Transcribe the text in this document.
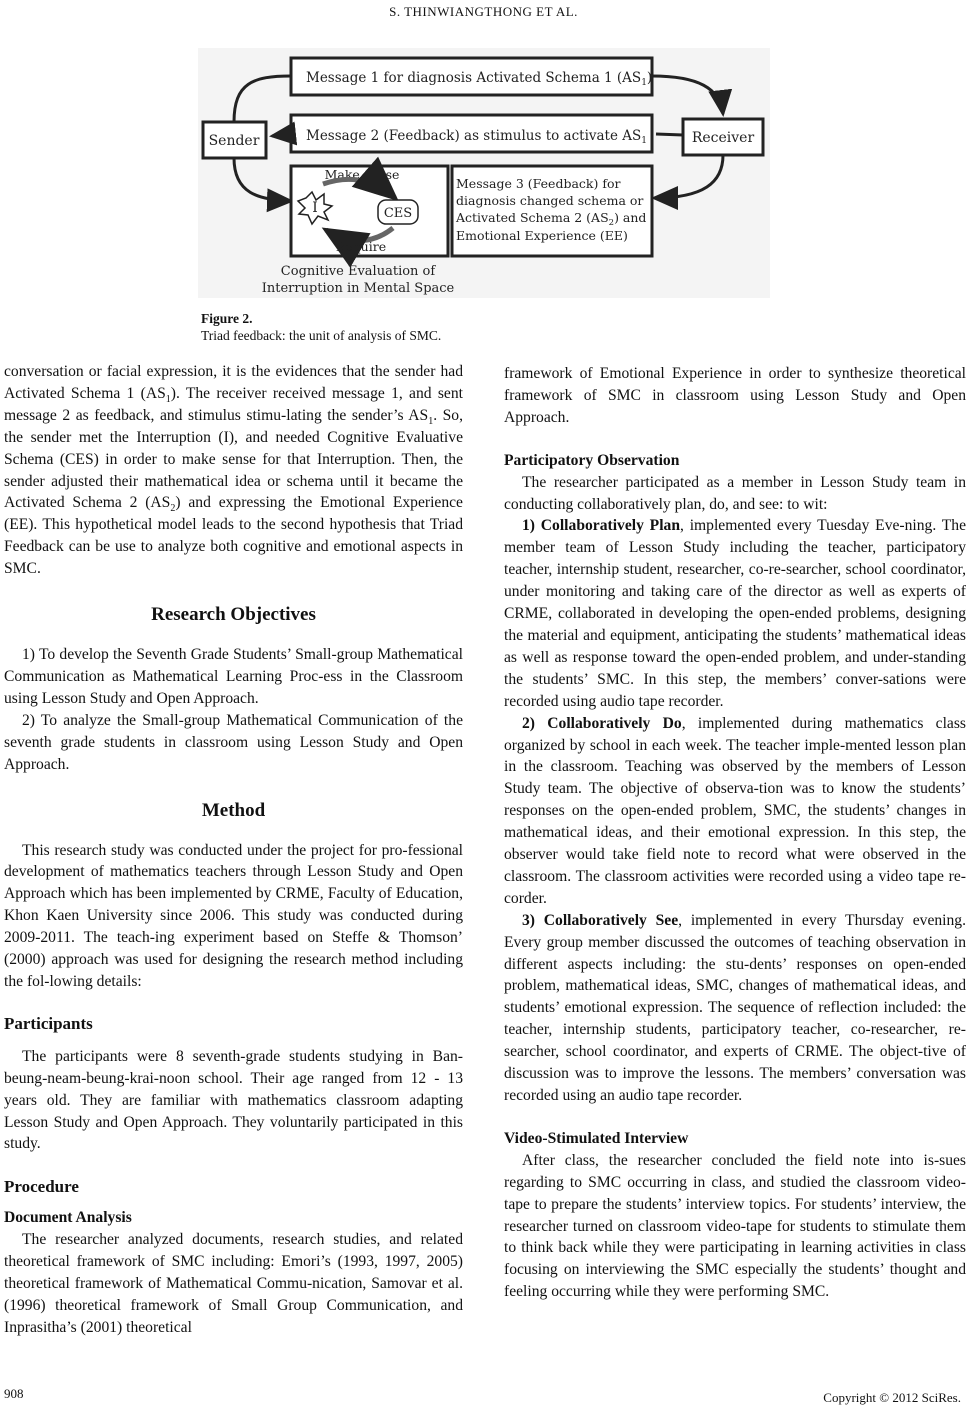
S. THINWIANGTHONG ET AL.
Message 1 for diagnosis Activated Schema 1 $(AS_1)$
Message 2 (Feedback) as stimulus to activate $AS_1$
Sender	Receiver
Make sense
I	CES
Require
Message 3 (Feedback) for
diagnosis changed schema or
Activated Schema 2 $(AS_2)$ and
Emotional Experience (EE)
Cognitive Evaluation of
Interruption in Mental Space
Figure 2.
Triad feedback: the unit of analysis of SMC.

conversation or facial expression, it is the evidences that the sender had Activated Schema 1 $(AS_1)$. The receiver received message 1, and sent message 2 as feedback, and stimulus stimu-lating the sender’s $AS_1$. So, the sender met the Interruption (I), and needed Cognitive Evaluative Schema (CES) in order to make sense for that Interruption. Then, the sender adjusted their mathematical idea or schema until it became the Activated Schema 2 $(AS_2)$ and expressing the Emotional Experience (EE). This hypothetical model leads to the second hypothesis that Triad Feedback can be use to analyze both cognitive and emotional aspects in SMC.

Research Objectives

1) To develop the Seventh Grade Students’ Small-group Mathematical Communication as Mathematical Learning Proc-ess in the Classroom using Lesson Study and Open Approach.

2) To analyze the Small-group Mathematical Communication of the seventh grade students in classroom using Lesson Study and Open Approach.

Method

This research study was conducted under the project for pro-fessional development of mathematics teachers through Lesson Study and Open Approach which has been implemented by CRME, Faculty of Education, Khon Kaen University since 2006. This study was conducted during 2009-2011. The teach-ing experiment based on Steffe & Thomson’ (2000) approach was used for designing the research method including the fol-lowing details:

Participants

The participants were 8 seventh-grade students studying in Ban-beung-neam-beung-krai-noon school. Their age ranged from 12 - 13 years old. They are familiar with mathematics classroom adapting Lesson Study and Open Approach. They voluntarily participated in this study.

Procedure
Document Analysis

The researcher analyzed documents, research studies, and related theoretical framework of SMC including: Emori’s (1993, 1997, 2005) theoretical framework of Mathematical Commu-nication, Samovar et al. (1996) theoretical framework of Small Group Communication, and Inprasitha’s (2001) theoretical

framework of Emotional Experience in order to synthesize theoretical framework of SMC in classroom using Lesson Study and Open Approach.

Participatory Observation

The researcher participated as a member in Lesson Study team in conducting collaboratively plan, do, and see: to wit:

1) Collaboratively Plan, implemented every Tuesday Eve-ning. The member team of Lesson Study including the teacher, participatory teacher, internship student, researcher, co-re-searcher, school coordinator, under monitoring and taking care of the director as well as experts of CRME, collaborated in developing the open-ended problems, designing the material and equipment, anticipating the students’ mathematical ideas as well as response toward the open-ended problem, and under-standing the students’ SMC. In this step, the members’ conver-sations were recorded using audio tape recorder.

2) Collaboratively Do, implemented during mathematics class organized by school in each week. The teacher imple-mented lesson plan in the classroom. Teaching was observed by the members of Lesson Study team. The objective of observa-tion was to know the students’ responses on the open-ended problem, SMC, the students’ changes in mathematical ideas, and their emotional expression. In this step, the observer would take field note to record what were observed in the classroom. The classroom activities were recorded using a video tape re-corder.

3) Collaboratively See, implemented in every Thursday evening. Every group member discussed the outcomes of teaching observation in different aspects including: the stu-dents’ responses on open-ended problem, mathematical ideas, SMC, changes of mathematical ideas, and students’ emotional expression. The sequence of reflection included: the teacher, internship students, participatory teacher, co-researcher, re-searcher, school coordinator, and experts of CRME. The object-tive of discussion was to improve the lessons. The members’ conversation was recorded using an audio tape recorder.

Video-Stimulated Interview

After class, the researcher concluded the field note into is-sues regarding to SMC occurring in class, and studied the classroom video-tape to prepare the students’ interview topics. For students’ interview, the researcher turned on classroom video-tape for students to stimulate them to think back while they were participating in learning activities in class focusing on interviewing the SMC especially the students’ thought and feeling occurring while they were performing SMC.

908	Copyright © 2012 SciRes.
